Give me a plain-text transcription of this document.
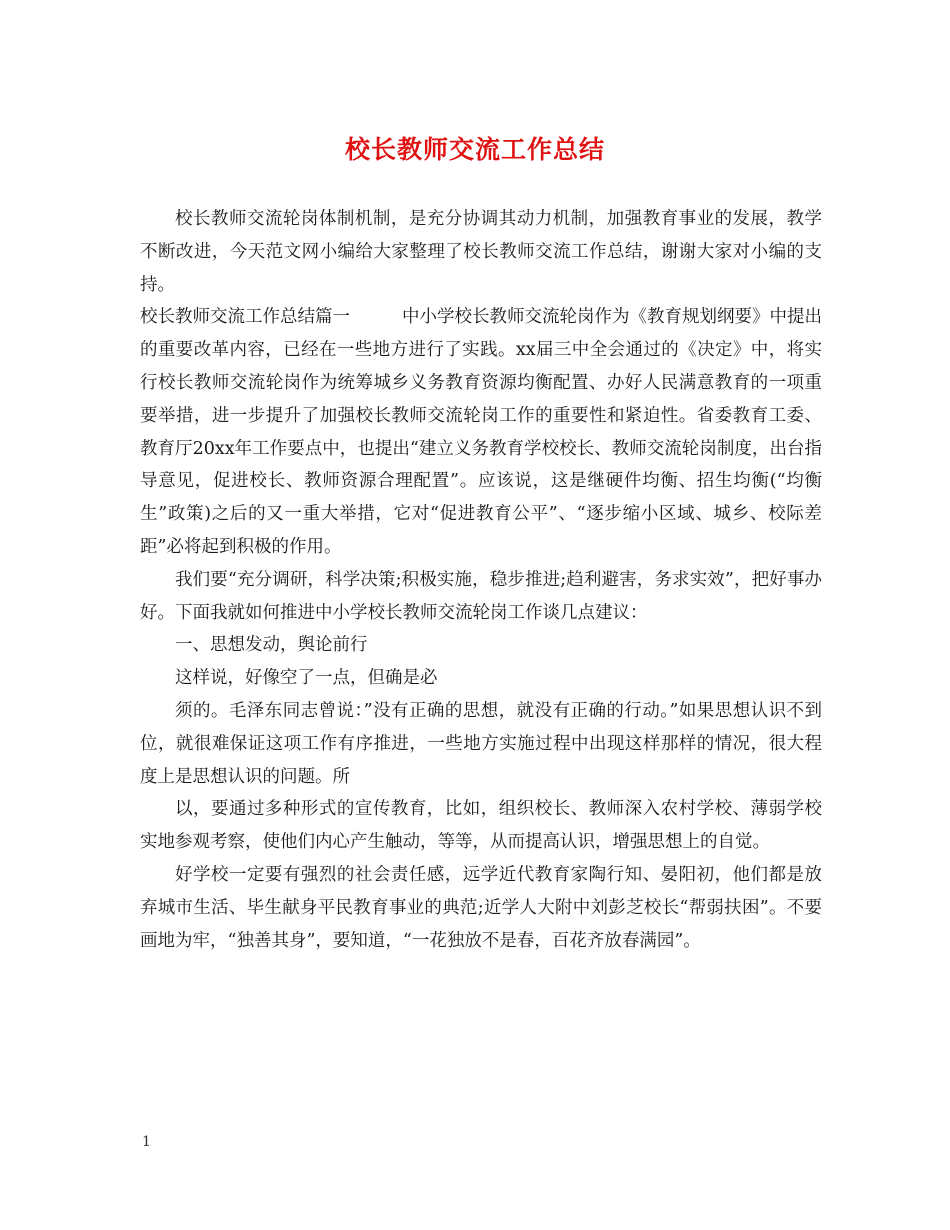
校长教师交流工作总结

校长教师交流轮岗体制机制，是充分协调其动力机制，加强教育事业的发展，教学不断改进，今天范文网小编给大家整理了校长教师交流工作总结，谢谢大家对小编的支持。

校长教师交流工作总结篇一	中小学校长教师交流轮岗作为《教育规划纲要》中提出的重要改革内容，已经在一些地方进行了实践。xx届三中全会通过的《决定》中，将实行校长教师交流轮岗作为统筹城乡义务教育资源均衡配置、办好人民满意教育的一项重要举措，进一步提升了加强校长教师交流轮岗工作的重要性和紧迫性。省委教育工委、教育厅20xx年工作要点中，也提出“建立义务教育学校校长、教师交流轮岗制度，出台指导意见，促进校长、教师资源合理配置”。应该说，这是继硬件均衡、招生均衡(“均衡生”政策)之后的又一重大举措，它对“促进教育公平”、“逐步缩小区域、城乡、校际差距”必将起到积极的作用。

我们要“充分调研，科学决策;积极实施，稳步推进;趋利避害，务求实效”，把好事办好。下面我就如何推进中小学校长教师交流轮岗工作谈几点建议：

一、思想发动，舆论前行

这样说，好像空了一点，但确是必

须的。毛泽东同志曾说：”没有正确的思想，就没有正确的行动。”如果思想认识不到位，就很难保证这项工作有序推进，一些地方实施过程中出现这样那样的情况，很大程度上是思想认识的问题。所

以，要通过多种形式的宣传教育，比如，组织校长、教师深入农村学校、薄弱学校实地参观考察，使他们内心产生触动，等等，从而提高认识，增强思想上的自觉。

好学校一定要有强烈的社会责任感，远学近代教育家陶行知、晏阳初，他们都是放弃城市生活、毕生献身平民教育事业的典范;近学人大附中刘彭芝校长“帮弱扶困”。不要画地为牢，“独善其身”，要知道，“一花独放不是春，百花齐放春满园”。

1
